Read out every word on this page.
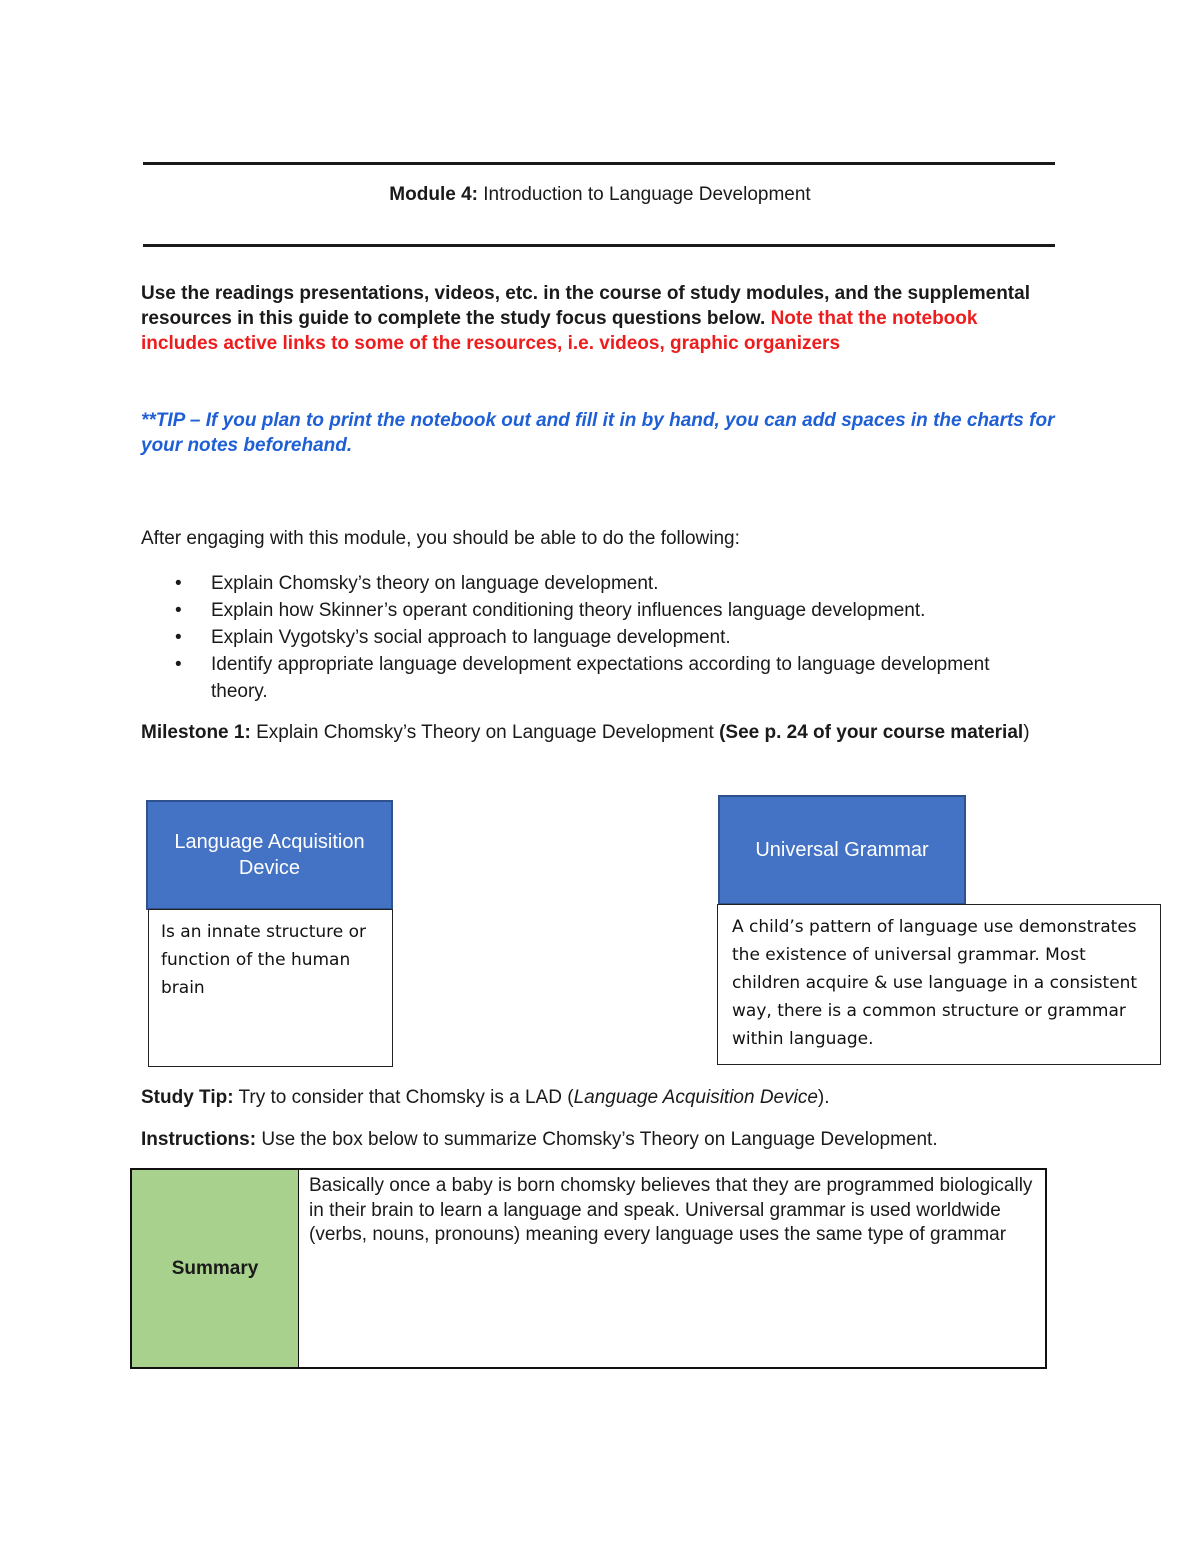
Module 4: Introduction to Language Development
Use the readings presentations, videos, etc. in the course of study modules, and the supplemental resources in this guide to complete the study focus questions below. Note that the notebook includes active links to some of the resources, i.e. videos, graphic organizers
**TIP – If you plan to print the notebook out and fill it in by hand, you can add spaces in the charts for your notes beforehand.
After engaging with this module, you should be able to do the following:
• Explain Chomsky’s theory on language development.
• Explain how Skinner’s operant conditioning theory influences language development.
• Explain Vygotsky’s social approach to language development.
• Identify appropriate language development expectations according to language development theory.
Milestone 1: Explain Chomsky’s Theory on Language Development (See p. 24 of your course material)
Language Acquisition Device
Is an innate structure or function of the human brain
Universal Grammar
A child’s pattern of language use demonstrates the existence of universal grammar. Most children acquire & use language in a consistent way, there is a common structure or grammar within language.
Study Tip: Try to consider that Chomsky is a LAD (Language Acquisition Device).
Instructions: Use the box below to summarize Chomsky’s Theory on Language Development.
Summary
Basically once a baby is born chomsky believes that they are programmed biologically in their brain to learn a language and speak. Universal grammar is used worldwide (verbs, nouns, pronouns) meaning every language uses the same type of grammar
